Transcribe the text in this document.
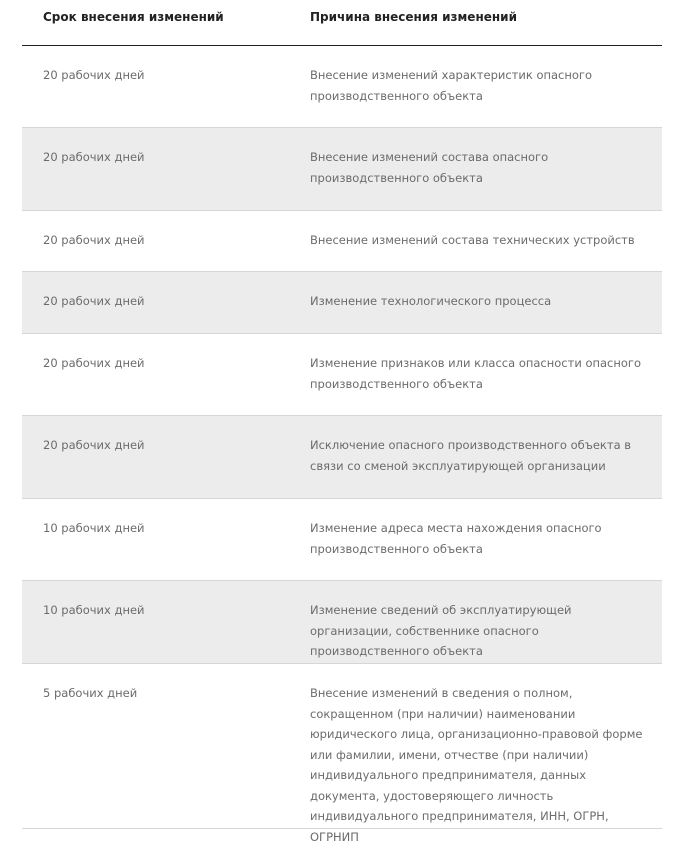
Срок внесения изменений	Причина внесения изменений
20 рабочих дней	Внесение изменений характеристик опасного производственного объекта
20 рабочих дней	Внесение изменений состава опасного производственного объекта
20 рабочих дней	Внесение изменений состава технических устройств
20 рабочих дней	Изменение технологического процесса
20 рабочих дней	Изменение признаков или класса опасности опасного производственного объекта
20 рабочих дней	Исключение опасного производственного объекта в связи со сменой эксплуатирующей организации
10 рабочих дней	Изменение адреса места нахождения опасного производственного объекта
10 рабочих дней	Изменение сведений об эксплуатирующей организации, собственнике опасного производственного объекта
5 рабочих дней	Внесение изменений в сведения о полном, сокращенном (при наличии) наименовании юридического лица, организационно-правовой форме или фамилии, имени, отчестве (при наличии) индивидуального предпринимателя, данных документа, удостоверяющего личность индивидуального предпринимателя, ИНН, ОГРН, ОГРНИП
